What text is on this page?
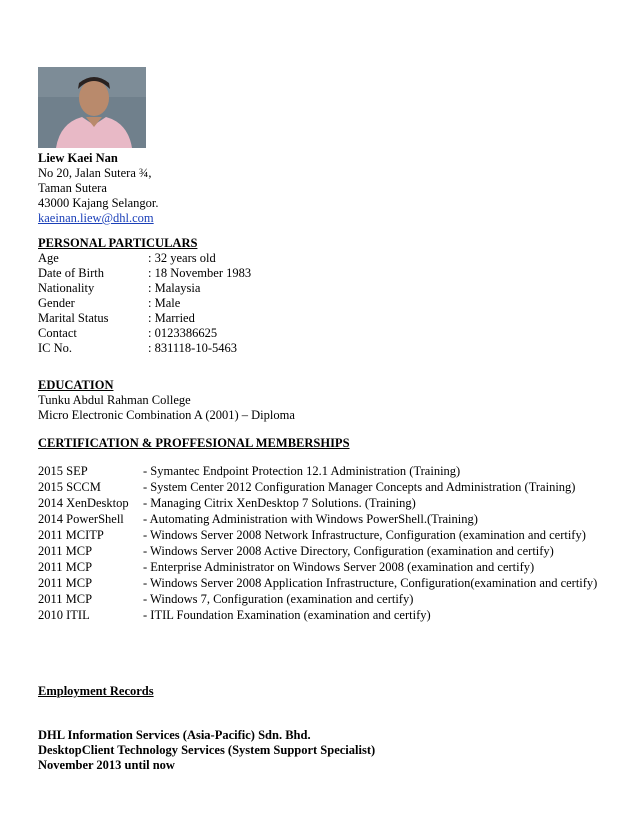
Liew Kaei Nan
No 20, Jalan Sutera ¾,
Taman Sutera
43000 Kajang Selangor.
kaeinan.liew@dhl.com
PERSONAL PARTICULARS
Age	: 32 years old
Date of Birth	: 18 November 1983
Nationality	: Malaysia
Gender	: Male
Marital Status	: Married
Contact	: 0123386625
IC No.	: 831118-10-5463
EDUCATION
Tunku Abdul Rahman College
Micro Electronic Combination A (2001) – Diploma
CERTIFICATION & PROFFESIONAL MEMBERSHIPS
2015 SEP	- Symantec Endpoint Protection 12.1 Administration (Training)
2015 SCCM	- System Center 2012 Configuration Manager Concepts and Administration (Training)
2014 XenDesktop - Managing Citrix XenDesktop 7 Solutions. (Training)
2014 PowerShell - Automating Administration with Windows PowerShell.(Training)
2011 MCITP	- Windows Server 2008 Network Infrastructure, Configuration (examination and certify)
2011 MCP	- Windows Server 2008 Active Directory, Configuration (examination and certify)
2011 MCP	- Enterprise Administrator on Windows Server 2008 (examination and certify)
2011 MCP	- Windows Server 2008 Application Infrastructure, Configuration(examination and certify)
2011 MCP	- Windows 7, Configuration (examination and certify)
2010 ITIL	- ITIL Foundation Examination (examination and certify)
Employment Records
DHL Information Services (Asia-Pacific) Sdn. Bhd.
DesktopClient Technology Services (System Support Specialist)
November 2013 until now
